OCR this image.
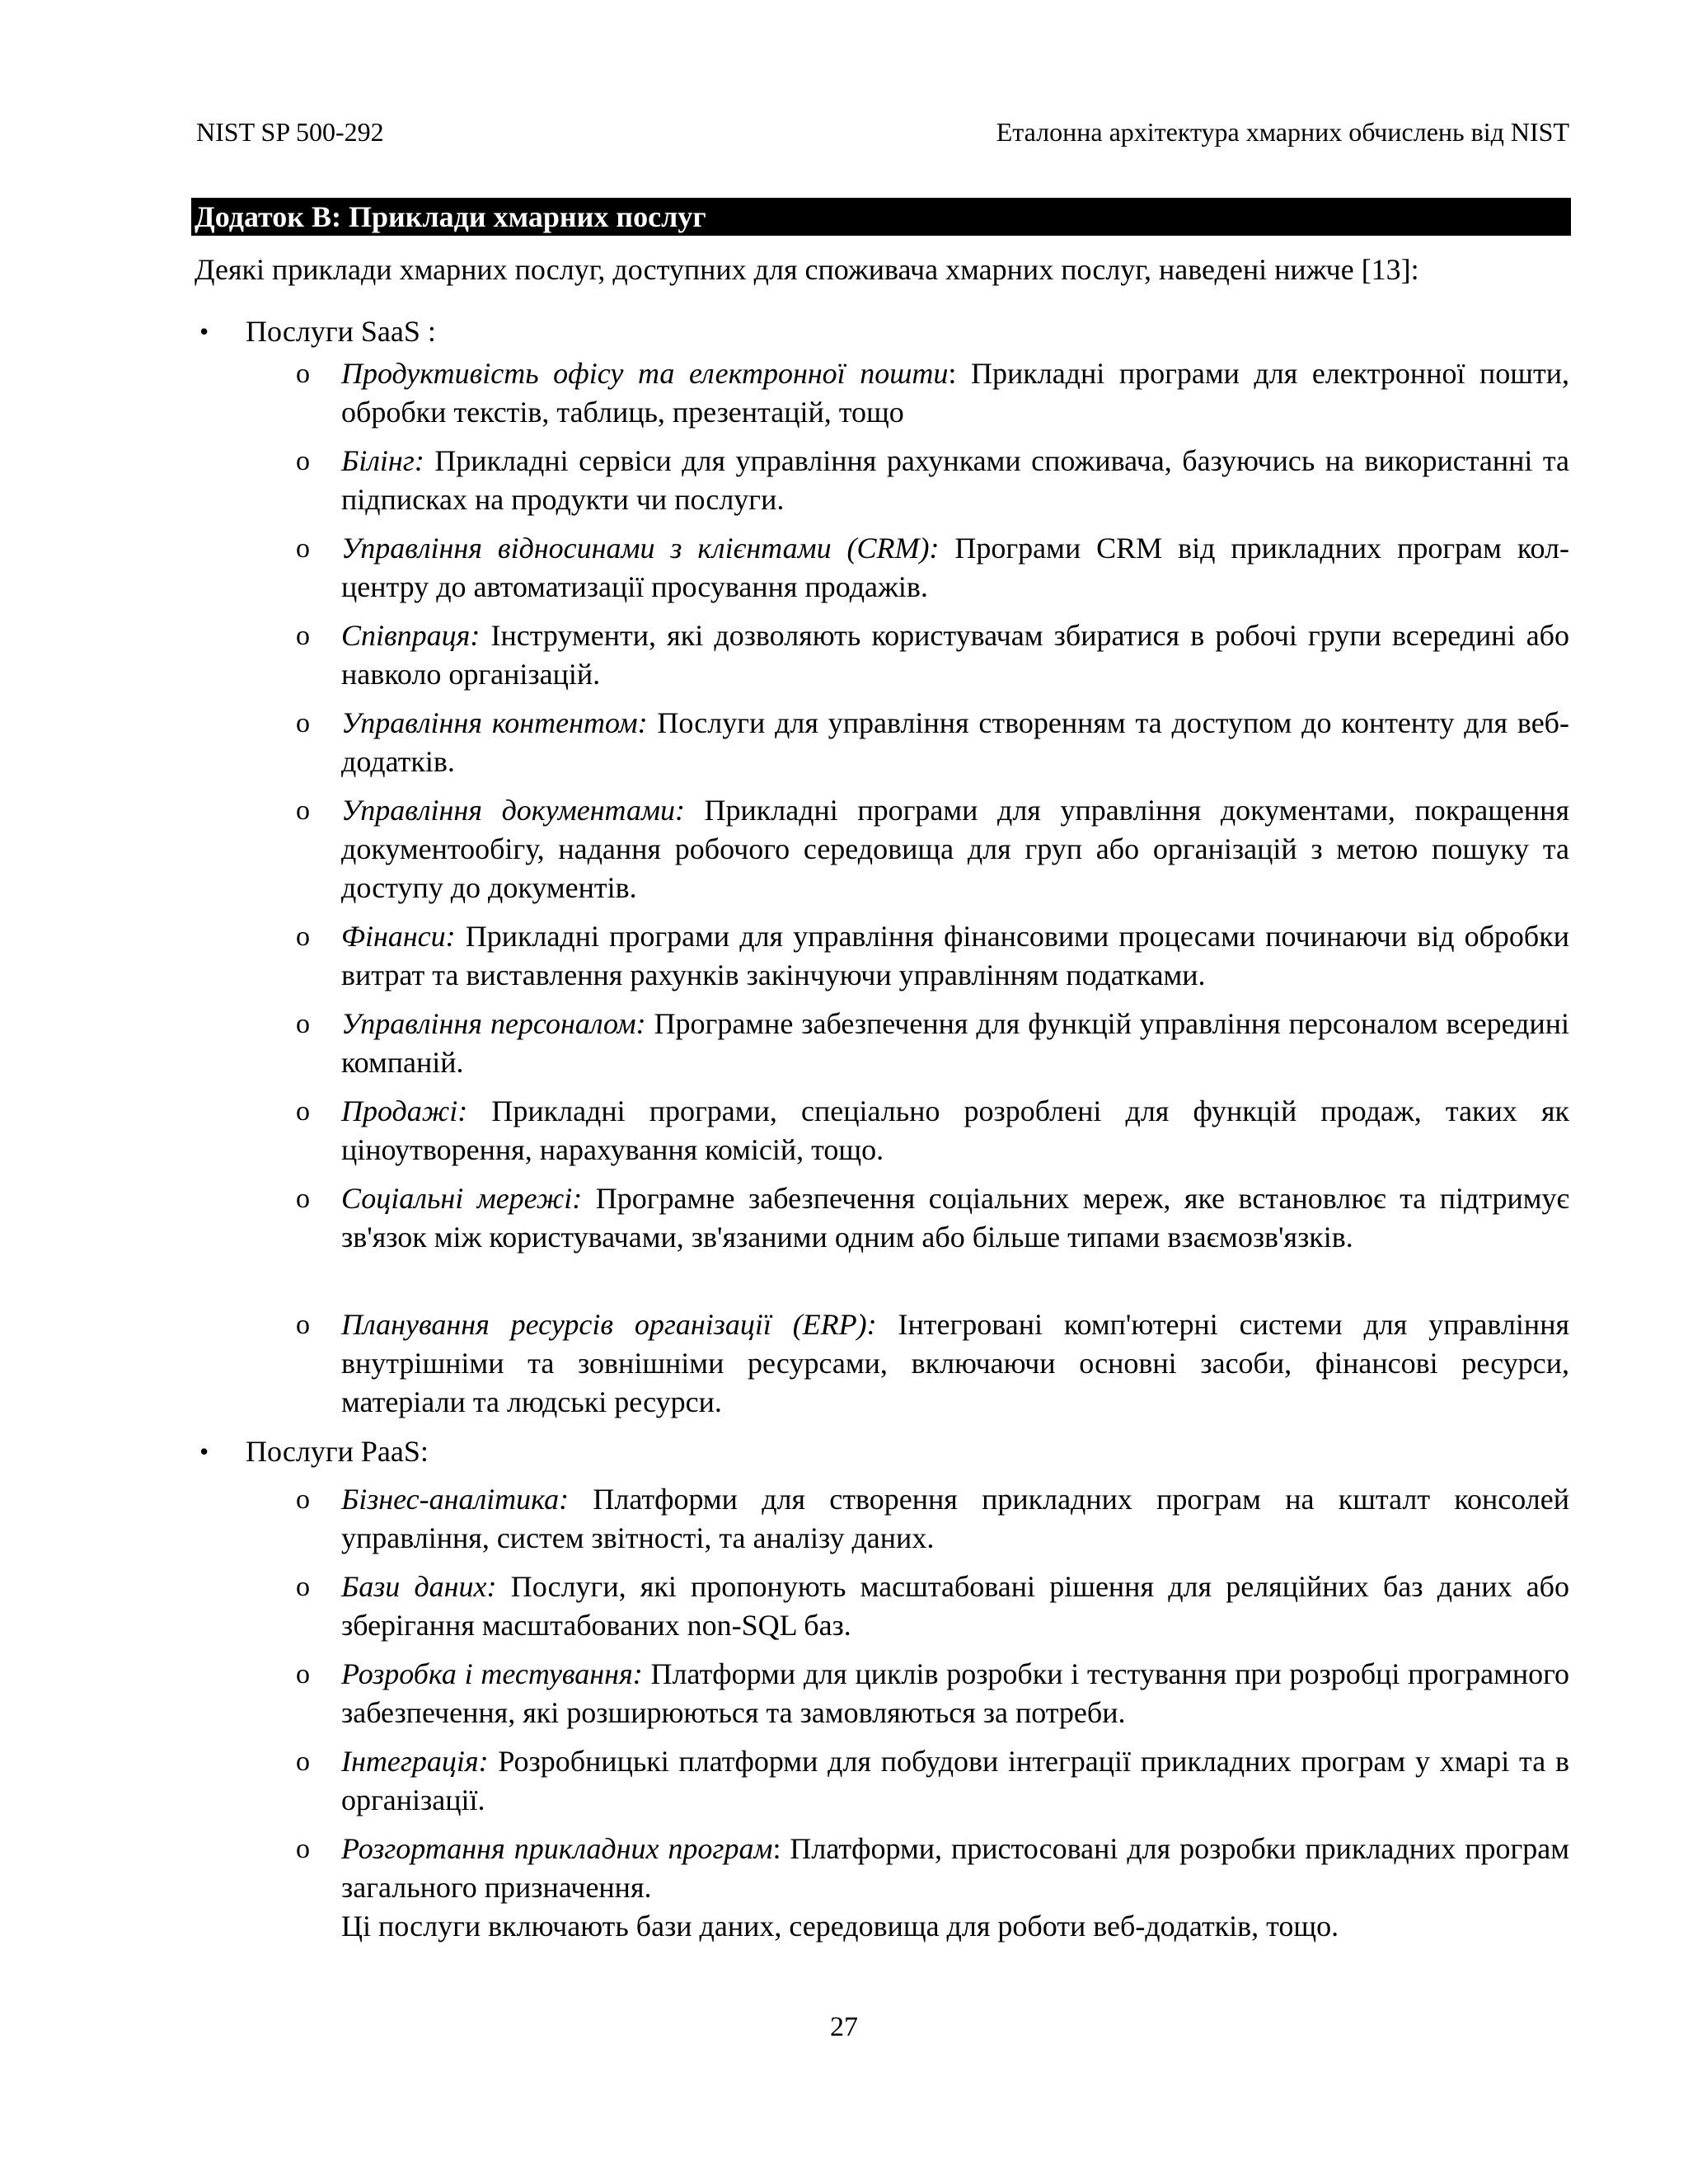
NIST SP 500-292	Еталонна архітектура хмарних обчислень від NIST
Додаток В: Приклади хмарних послуг
Деякі приклади хмарних послуг, доступних для споживача хмарних послуг, наведені нижче [13]:
• Послуги SaaS :
o Продуктивість офісу та електронної пошти: Прикладні програми для електронної пошти, обробки текстів, таблиць, презентацій, тощо
o Білінг: Прикладні сервіси для управління рахунками споживача, базуючись на використанні та підписках на продукти чи послуги.
o Управління відносинами з клієнтами (CRM): Програми CRM від прикладних програм кол-центру до автоматизації просування продажів.
o Співпраця: Інструменти, які дозволяють користувачам збиратися в робочі групи всередині або навколо організацій.
o Управління контентом: Послуги для управління створенням та доступом до контенту для веб-додатків.
o Управління документами: Прикладні програми для управління документами, покращення документообігу, надання робочого середовища для груп або організацій з метою пошуку та доступу до документів.
o Фінанси: Прикладні програми для управління фінансовими процесами починаючи від обробки витрат та виставлення рахунків закінчуючи управлінням податками.
o Управління персоналом: Програмне забезпечення для функцій управління персоналом всередині компаній.
o Продажі: Прикладні програми, спеціально розроблені для функцій продаж, таких як ціноутворення, нарахування комісій, тощо.
o Соціальні мережі: Програмне забезпечення соціальних мереж, яке встановлює та підтримує зв'язок між користувачами, зв'язаними одним або більше типами взаємозв'язків.
o Планування ресурсів організації (ERP): Інтегровані комп'ютерні системи для управління внутрішніми та зовнішніми ресурсами, включаючи основні засоби, фінансові ресурси, матеріали та людські ресурси.
• Послуги PaaS:
o Бізнес-аналітика: Платформи для створення прикладних програм на кшталт консолей управління, систем звітності, та аналізу даних.
o Бази даних: Послуги, які пропонують масштабовані рішення для реляційних баз даних або зберігання масштабованих non-SQL баз.
o Розробка і тестування: Платформи для циклів розробки і тестування при розробці програмного забезпечення, які розширюються та замовляються за потреби.
o Інтеграція: Розробницькі платформи для побудови інтеграції прикладних програм у хмарі та в організації.
o Розгортання прикладних програм: Платформи, пристосовані для розробки прикладних програм загального призначення.
Ці послуги включають бази даних, середовища для роботи веб-додатків, тощо.
27
